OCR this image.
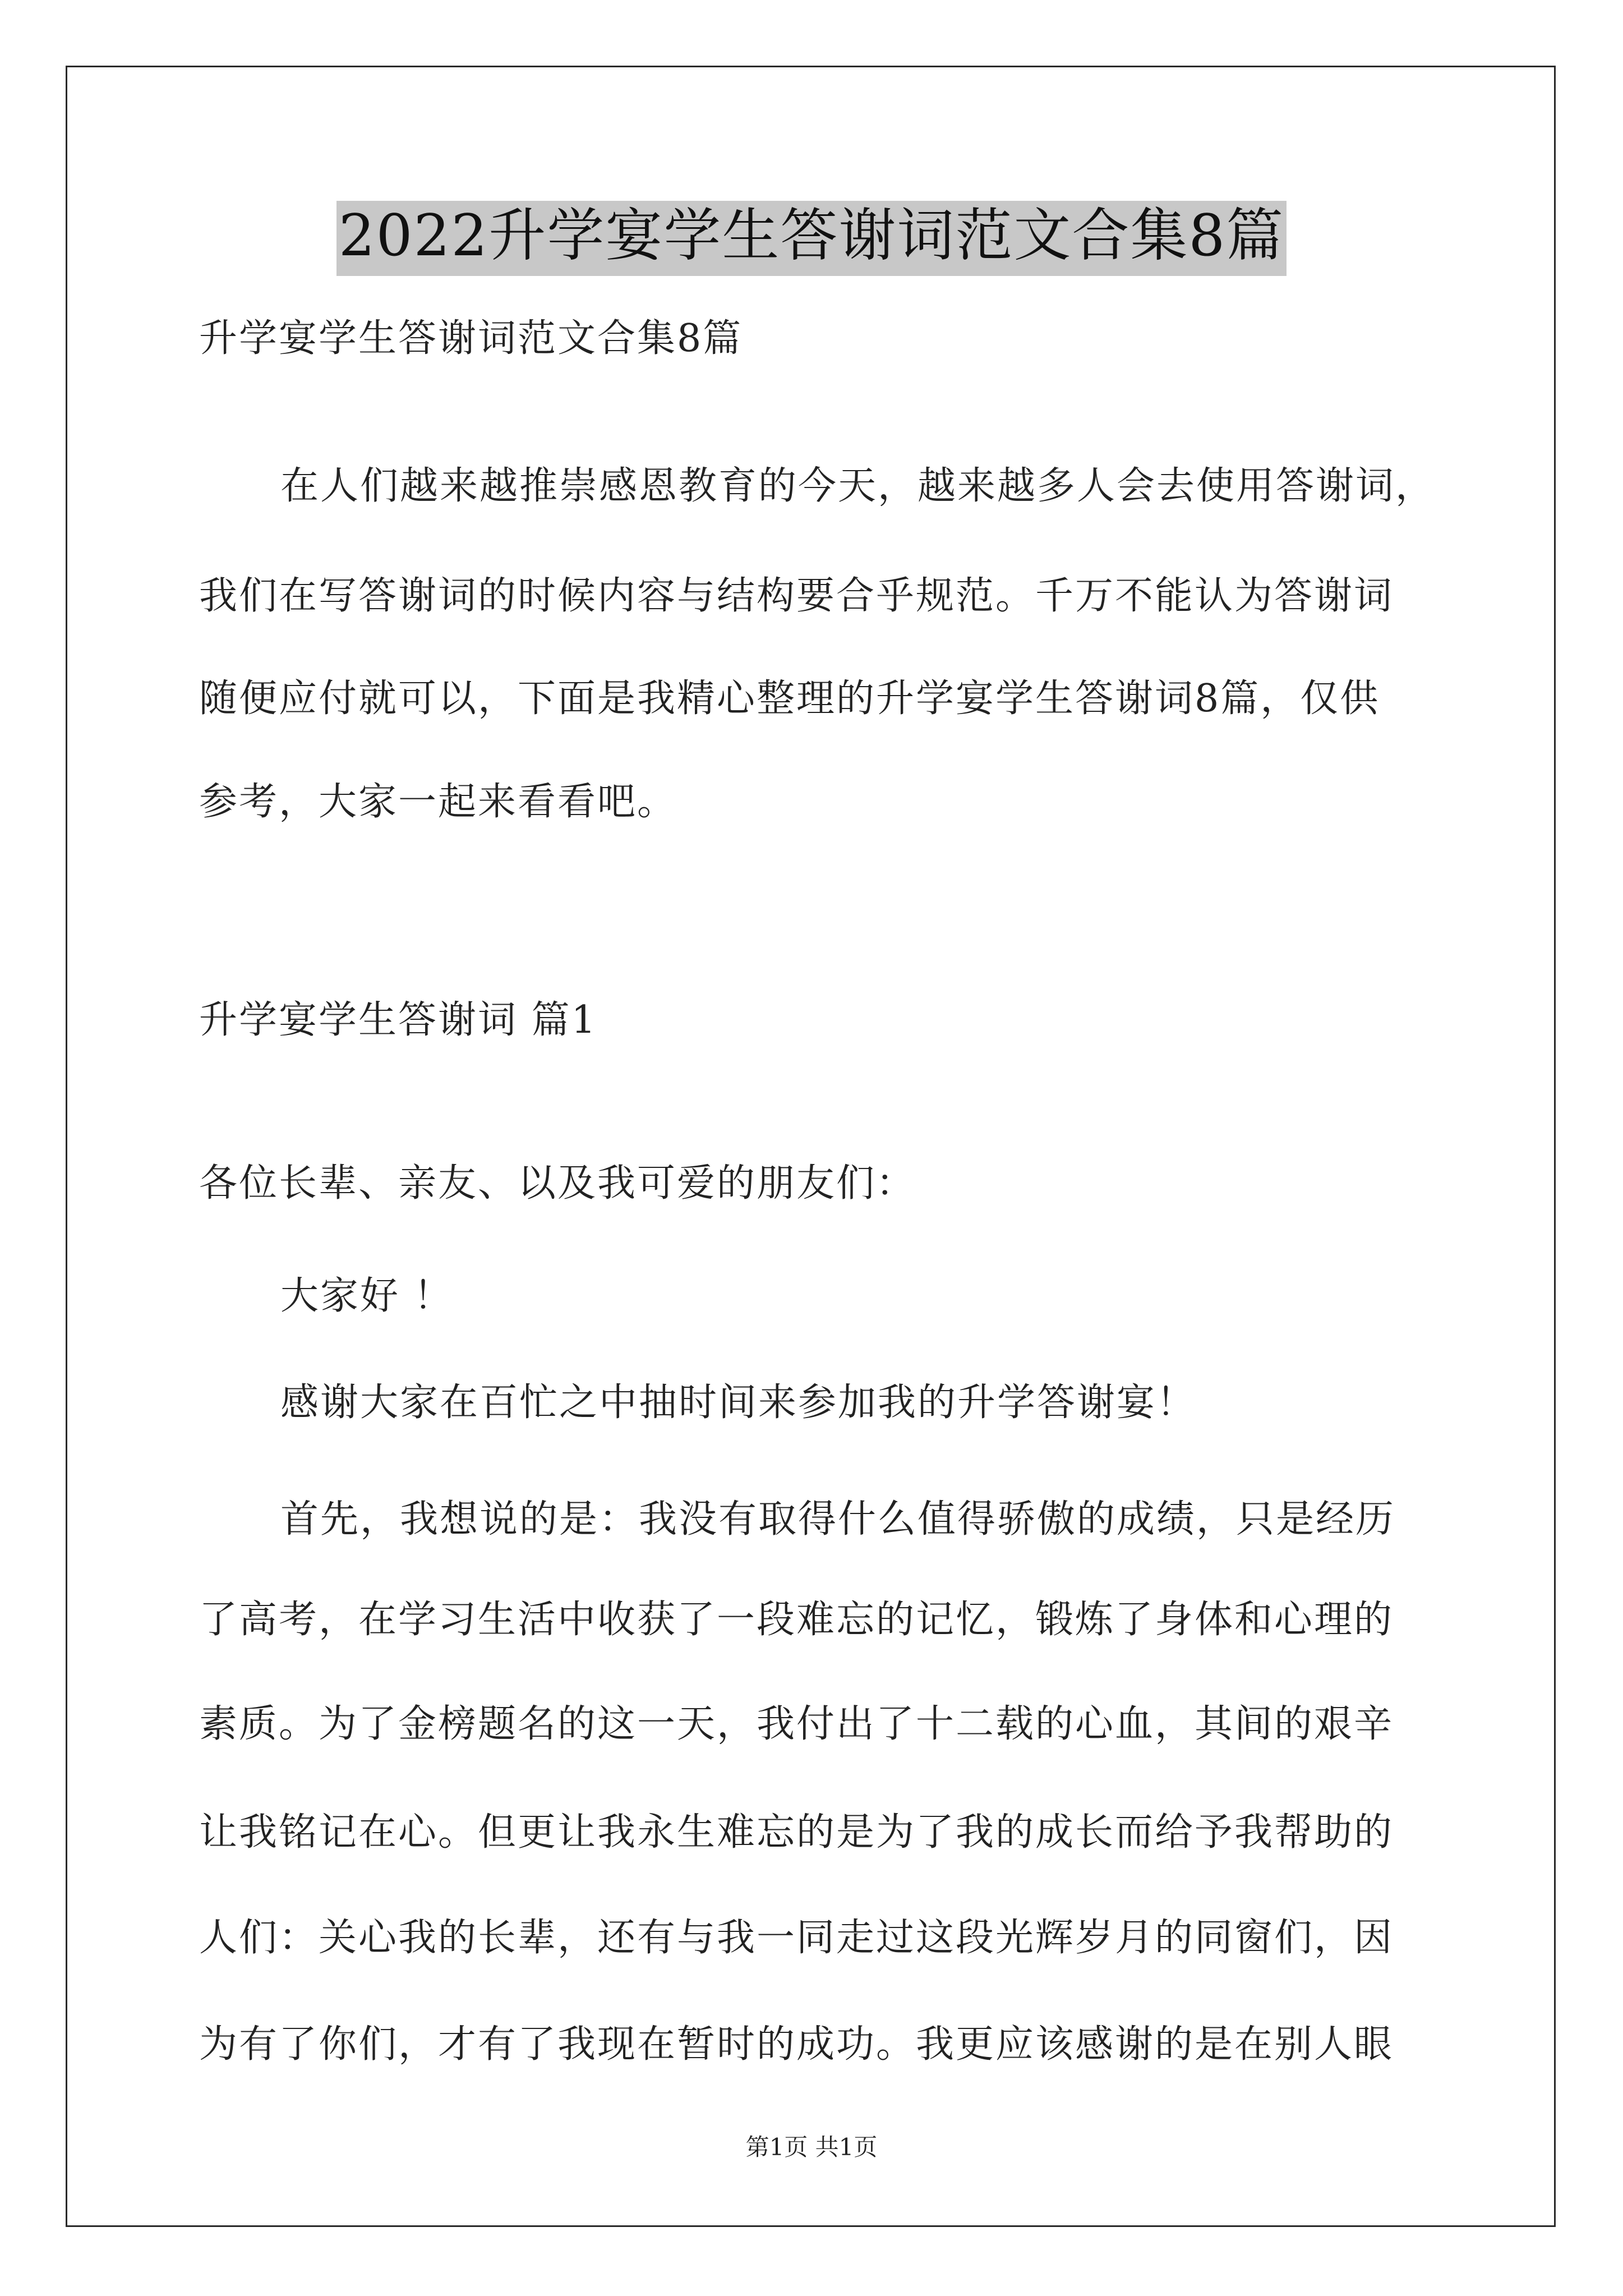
2022升学宴学生答谢词范文合集8篇

升学宴学生答谢词范文合集8篇

在人们越来越推崇感恩教育的今天，越来越多人会去使用答谢词，

我们在写答谢词的时候内容与结构要合乎规范。千万不能认为答谢词

随便应付就可以，下面是我精心整理的升学宴学生答谢词8篇，仅供

参考，大家一起来看看吧。

升学宴学生答谢词 篇1

各位长辈、亲友、以及我可爱的朋友们：

大家好 ！

感谢大家在百忙之中抽时间来参加我的升学答谢宴！

首先，我想说的是：我没有取得什么值得骄傲的成绩，只是经历

了高考，在学习生活中收获了一段难忘的记忆，锻炼了身体和心理的

素质。为了金榜题名的这一天，我付出了十二载的心血，其间的艰辛

让我铭记在心。但更让我永生难忘的是为了我的成长而给予我帮助的

人们：关心我的长辈，还有与我一同走过这段光辉岁月的同窗们，因

为有了你们，才有了我现在暂时的成功。我更应该感谢的是在别人眼

第1页 共1页
